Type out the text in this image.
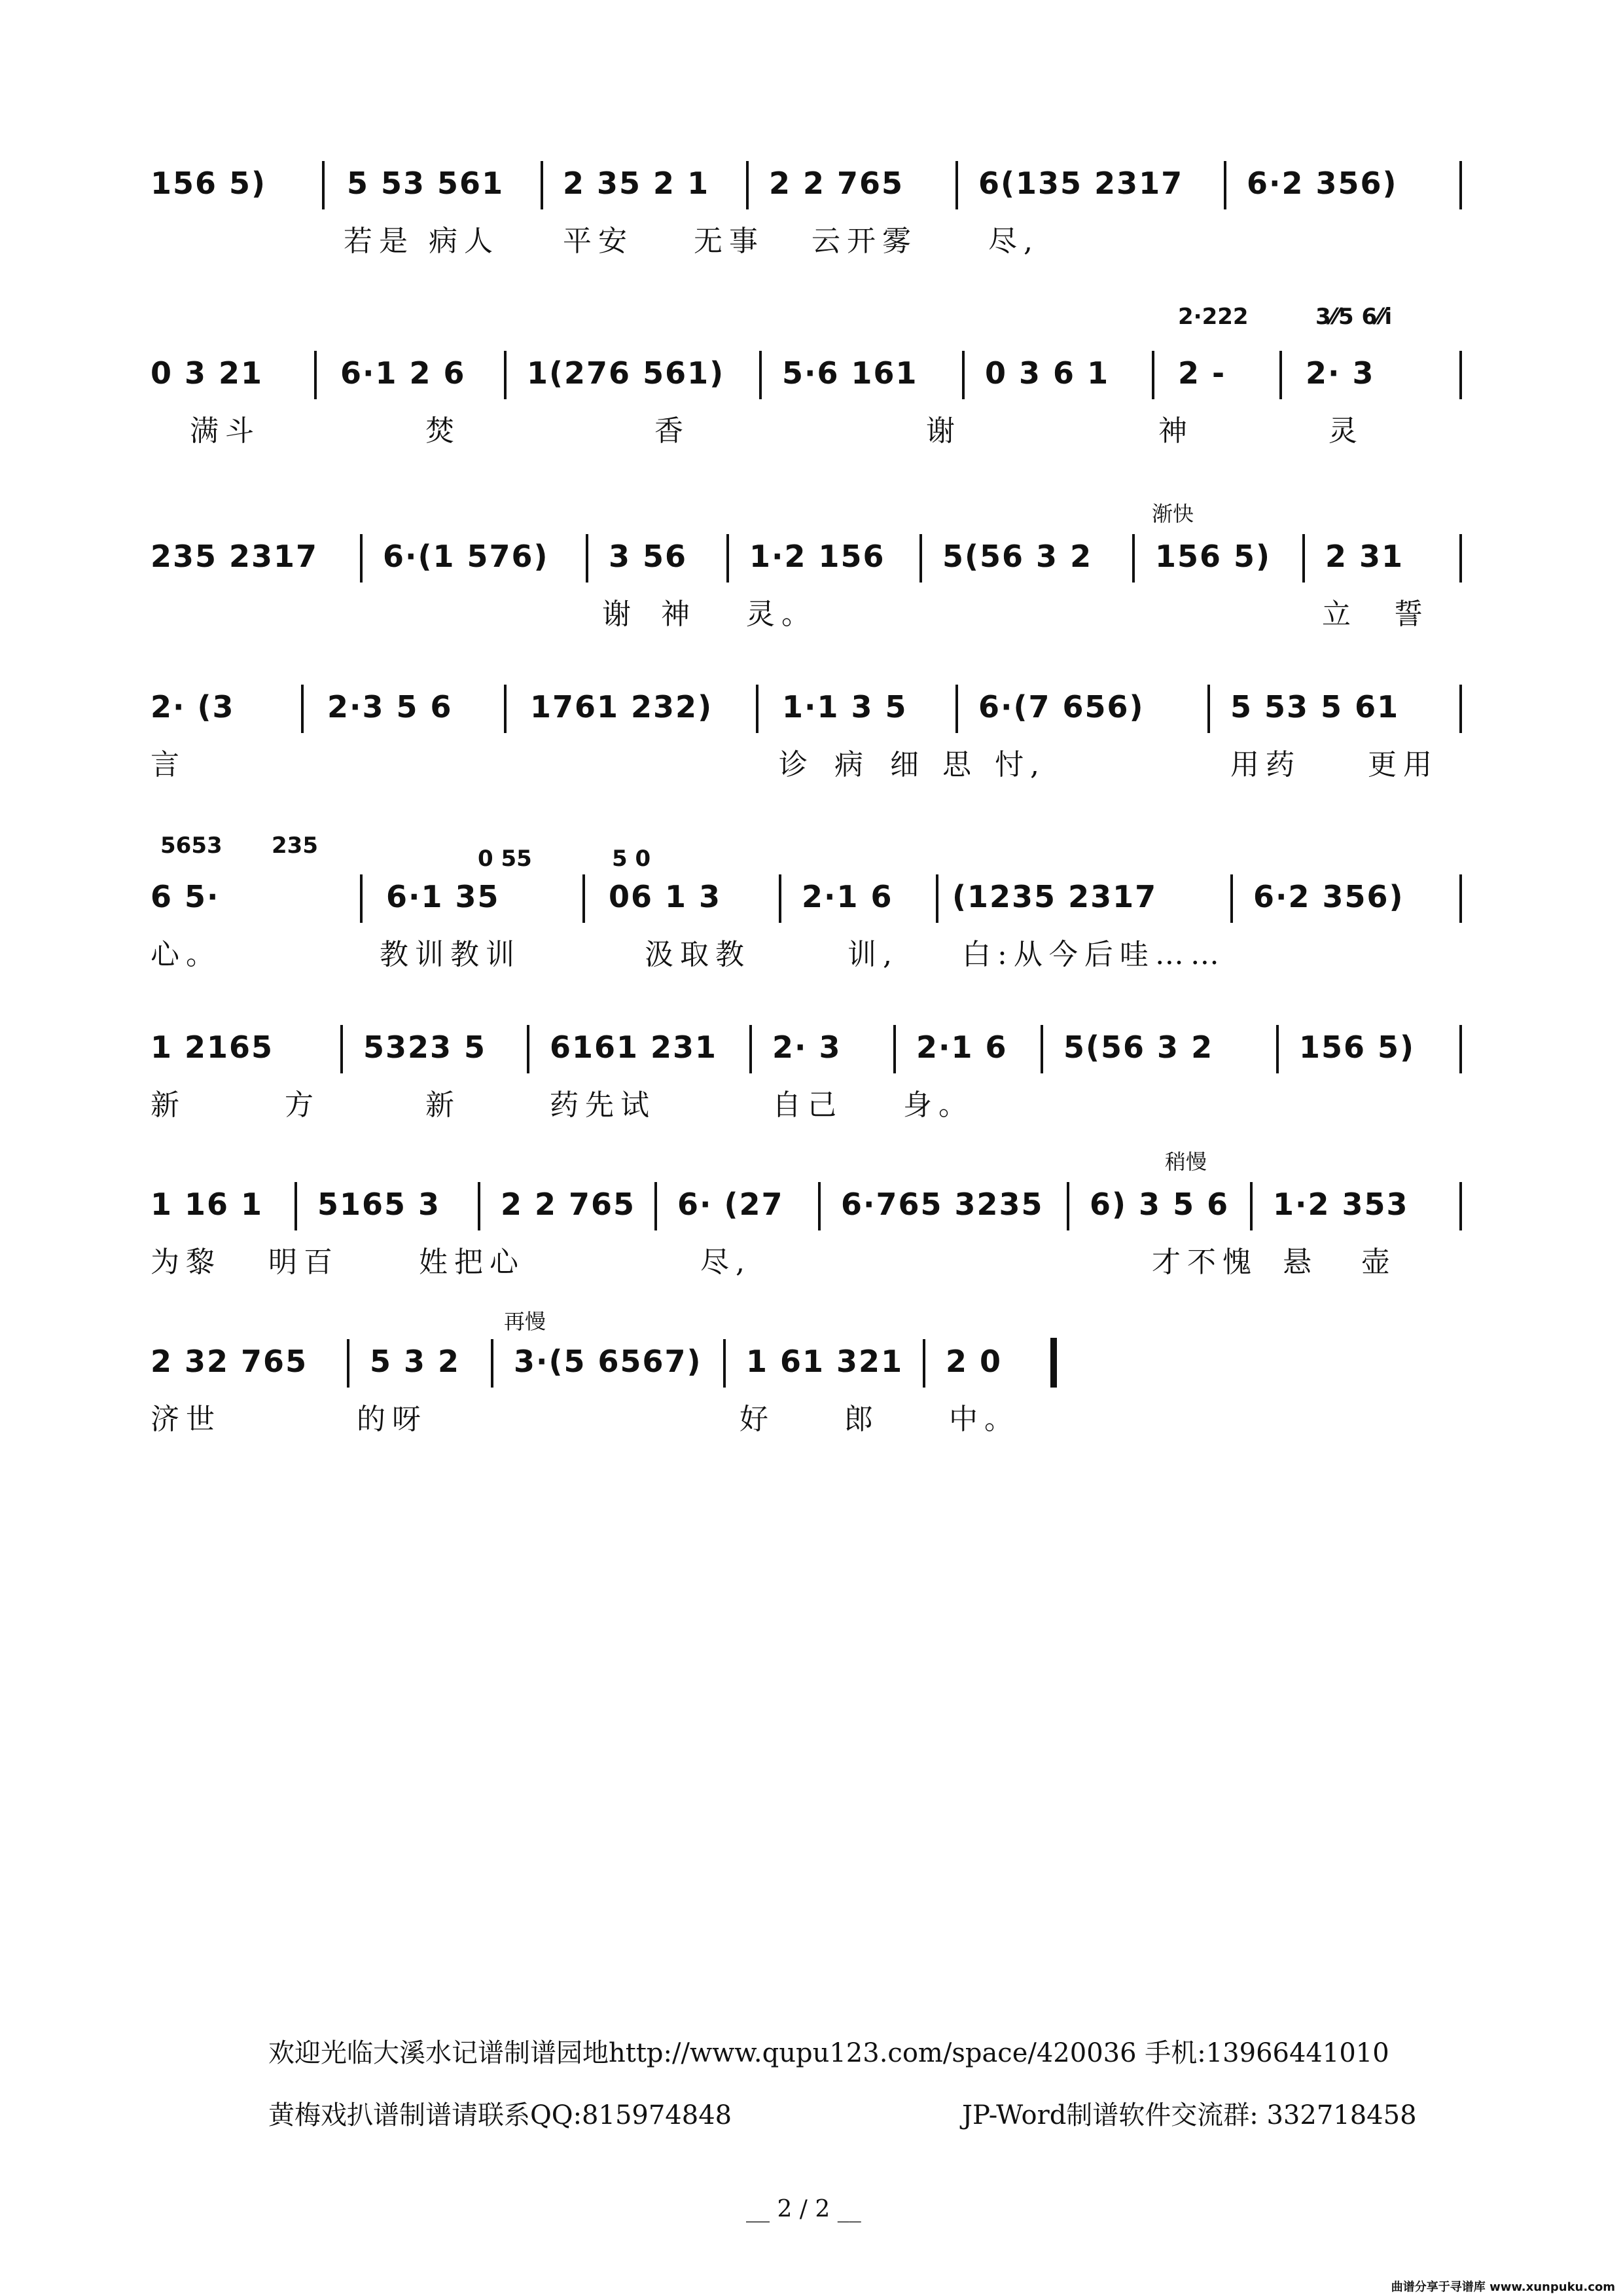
156 5)	5 53 561 2 35 2 1 2 2 765 6(135 2317 6·2 356)
若是 病人 平安 无事 云开雾 尽,
2·222	3⁄⁄5 6⁄⁄i
0 3 21	6·1 2 6 1(276 561) 5·6 161 0 3 6 1 2 -	2· 3
满斗	焚	香	谢	神	灵
渐快
235 2317 6·(1 576) 3 56 1·2 156 5(56 3 2 156 5) 2 31
谢 神 灵。	立 誓
2· (3	2·3 5 6	1761 232) 1·1 3 5 6·(7 656)	5 53 5 61
言	诊 病 细 思 忖,	用药 更用
5653 235	0 55	5 0
6 5·	6·1 35	06 1 3	2·1 6 (1235 2317	6·2 356)
心。	教训教训	汲取教	训, 白:从今后哇……
1 2165	5323 5 6161 231 2· 3 2·1 6 5(56 3 2	156 5)
新	方	新	药先试	自己 身。
稍慢
1 16 1 5165 3 2 2 765 6· (27 6·765 3235 6) 3 5 6 1·2 353
为黎 明百	姓把心	尽,	才不愧 悬 壶
再慢
2 32 765 5 3 2 3·(5 6567) 1 61 321 2 0
济世	的呀	好 郎 中。
欢迎光临大溪水记谱制谱园地http://www.qupu123.com/space/420036 手机:13966441010
黄梅戏扒谱制谱请联系QQ:815974848	JP-Word制谱软件交流群: 332718458
__ 2 / 2 __
曲谱分享于寻谱库 www.xunpuku.com
